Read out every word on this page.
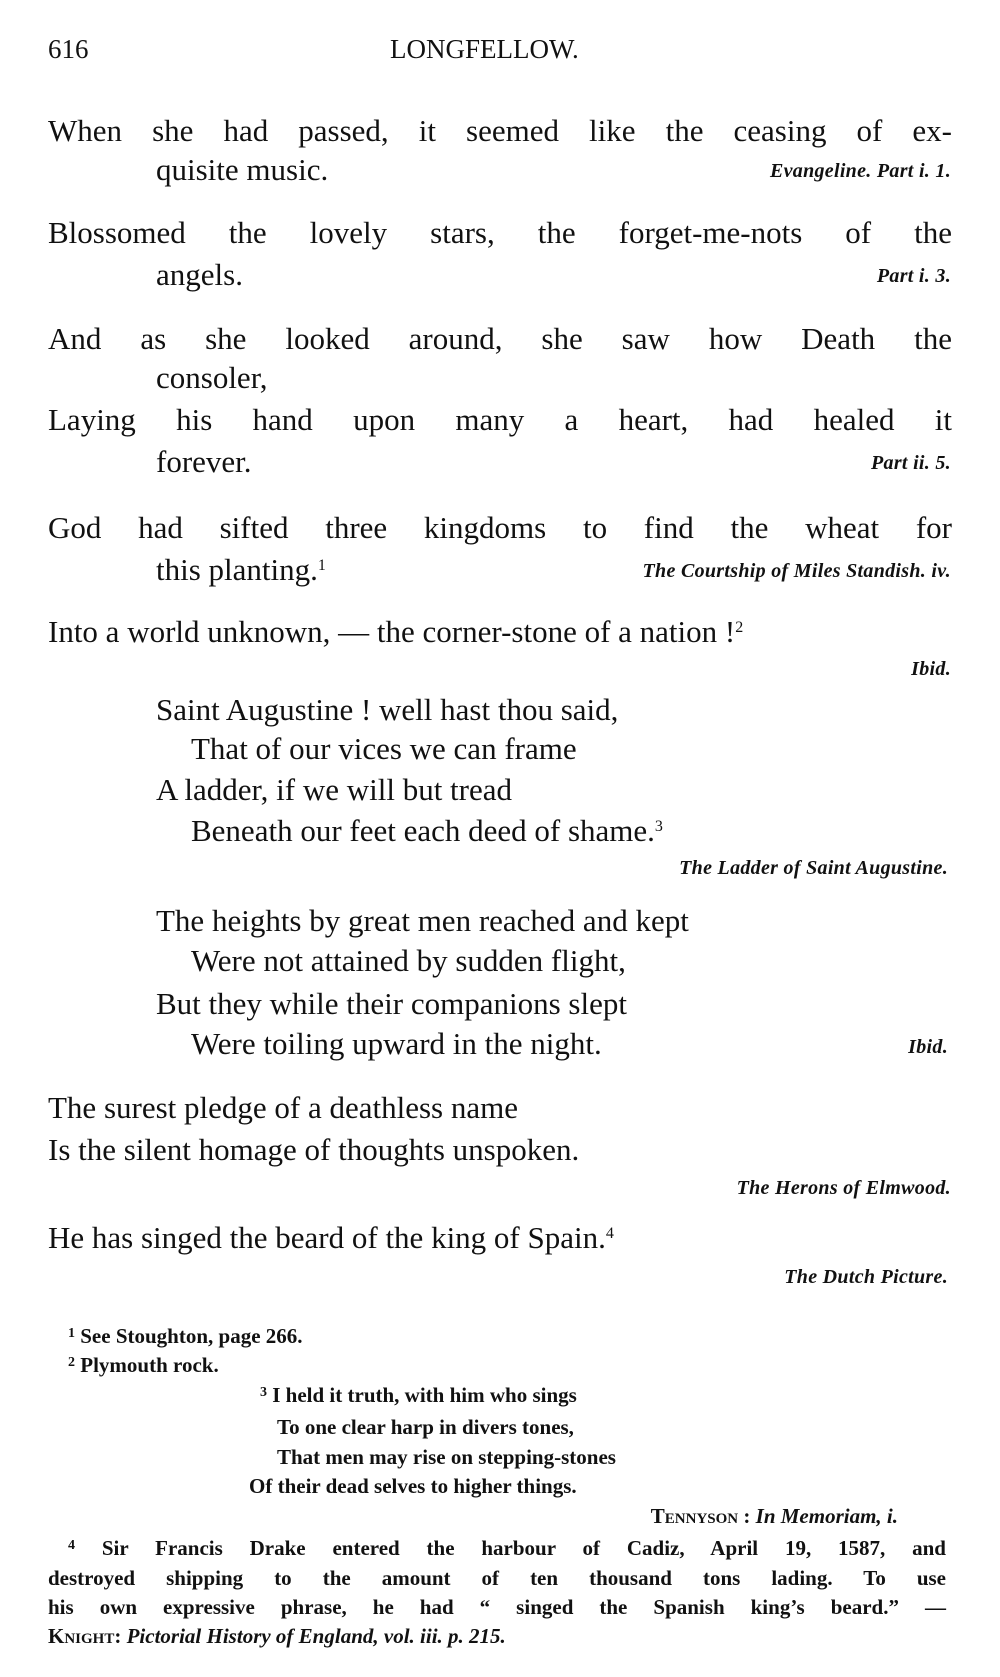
616	LONGFELLOW.
When she had passed, it seemed like the ceasing of ex-
quisite music.	Evangeline. Part i. 1.
Blossomed the lovely stars, the forget-me-nots of the
angels.	Part i. 3.
And as she looked around, she saw how Death the
consoler,
Laying his hand upon many a heart, had healed it
forever.	Part ii. 5.
God had sifted three kingdoms to find the wheat for
this planting.$^1$	The Courtship of Miles Standish. iv.
Into a world unknown, — the corner-stone of a nation !$^2$
Ibid.
Saint Augustine ! well hast thou said,
That of our vices we can frame
A ladder, if we will but tread
Beneath our feet each deed of shame.$^3$
The Ladder of Saint Augustine.
The heights by great men reached and kept
Were not attained by sudden flight,
But they while their companions slept
Were toiling upward in the night.	Ibid.
The surest pledge of a deathless name
Is the silent homage of thoughts unspoken.
The Herons of Elmwood.
He has singed the beard of the king of Spain.$^4$
The Dutch Picture.
$^1$ See Stoughton, page 266.
$^2$ Plymouth rock.
$^3$ I held it truth, with him who sings
To one clear harp in divers tones,
That men may rise on stepping-stones
Of their dead selves to higher things.
Tennyson : In Memoriam, i.
$^4$ Sir Francis Drake entered the harbour of Cadiz, April 19, 1587, and
destroyed shipping to the amount of ten thousand tons lading. To use
his own expressive phrase, he had “ singed the Spanish king’s beard.” —
Knight: Pictorial History of England, vol. iii. p. 215.
